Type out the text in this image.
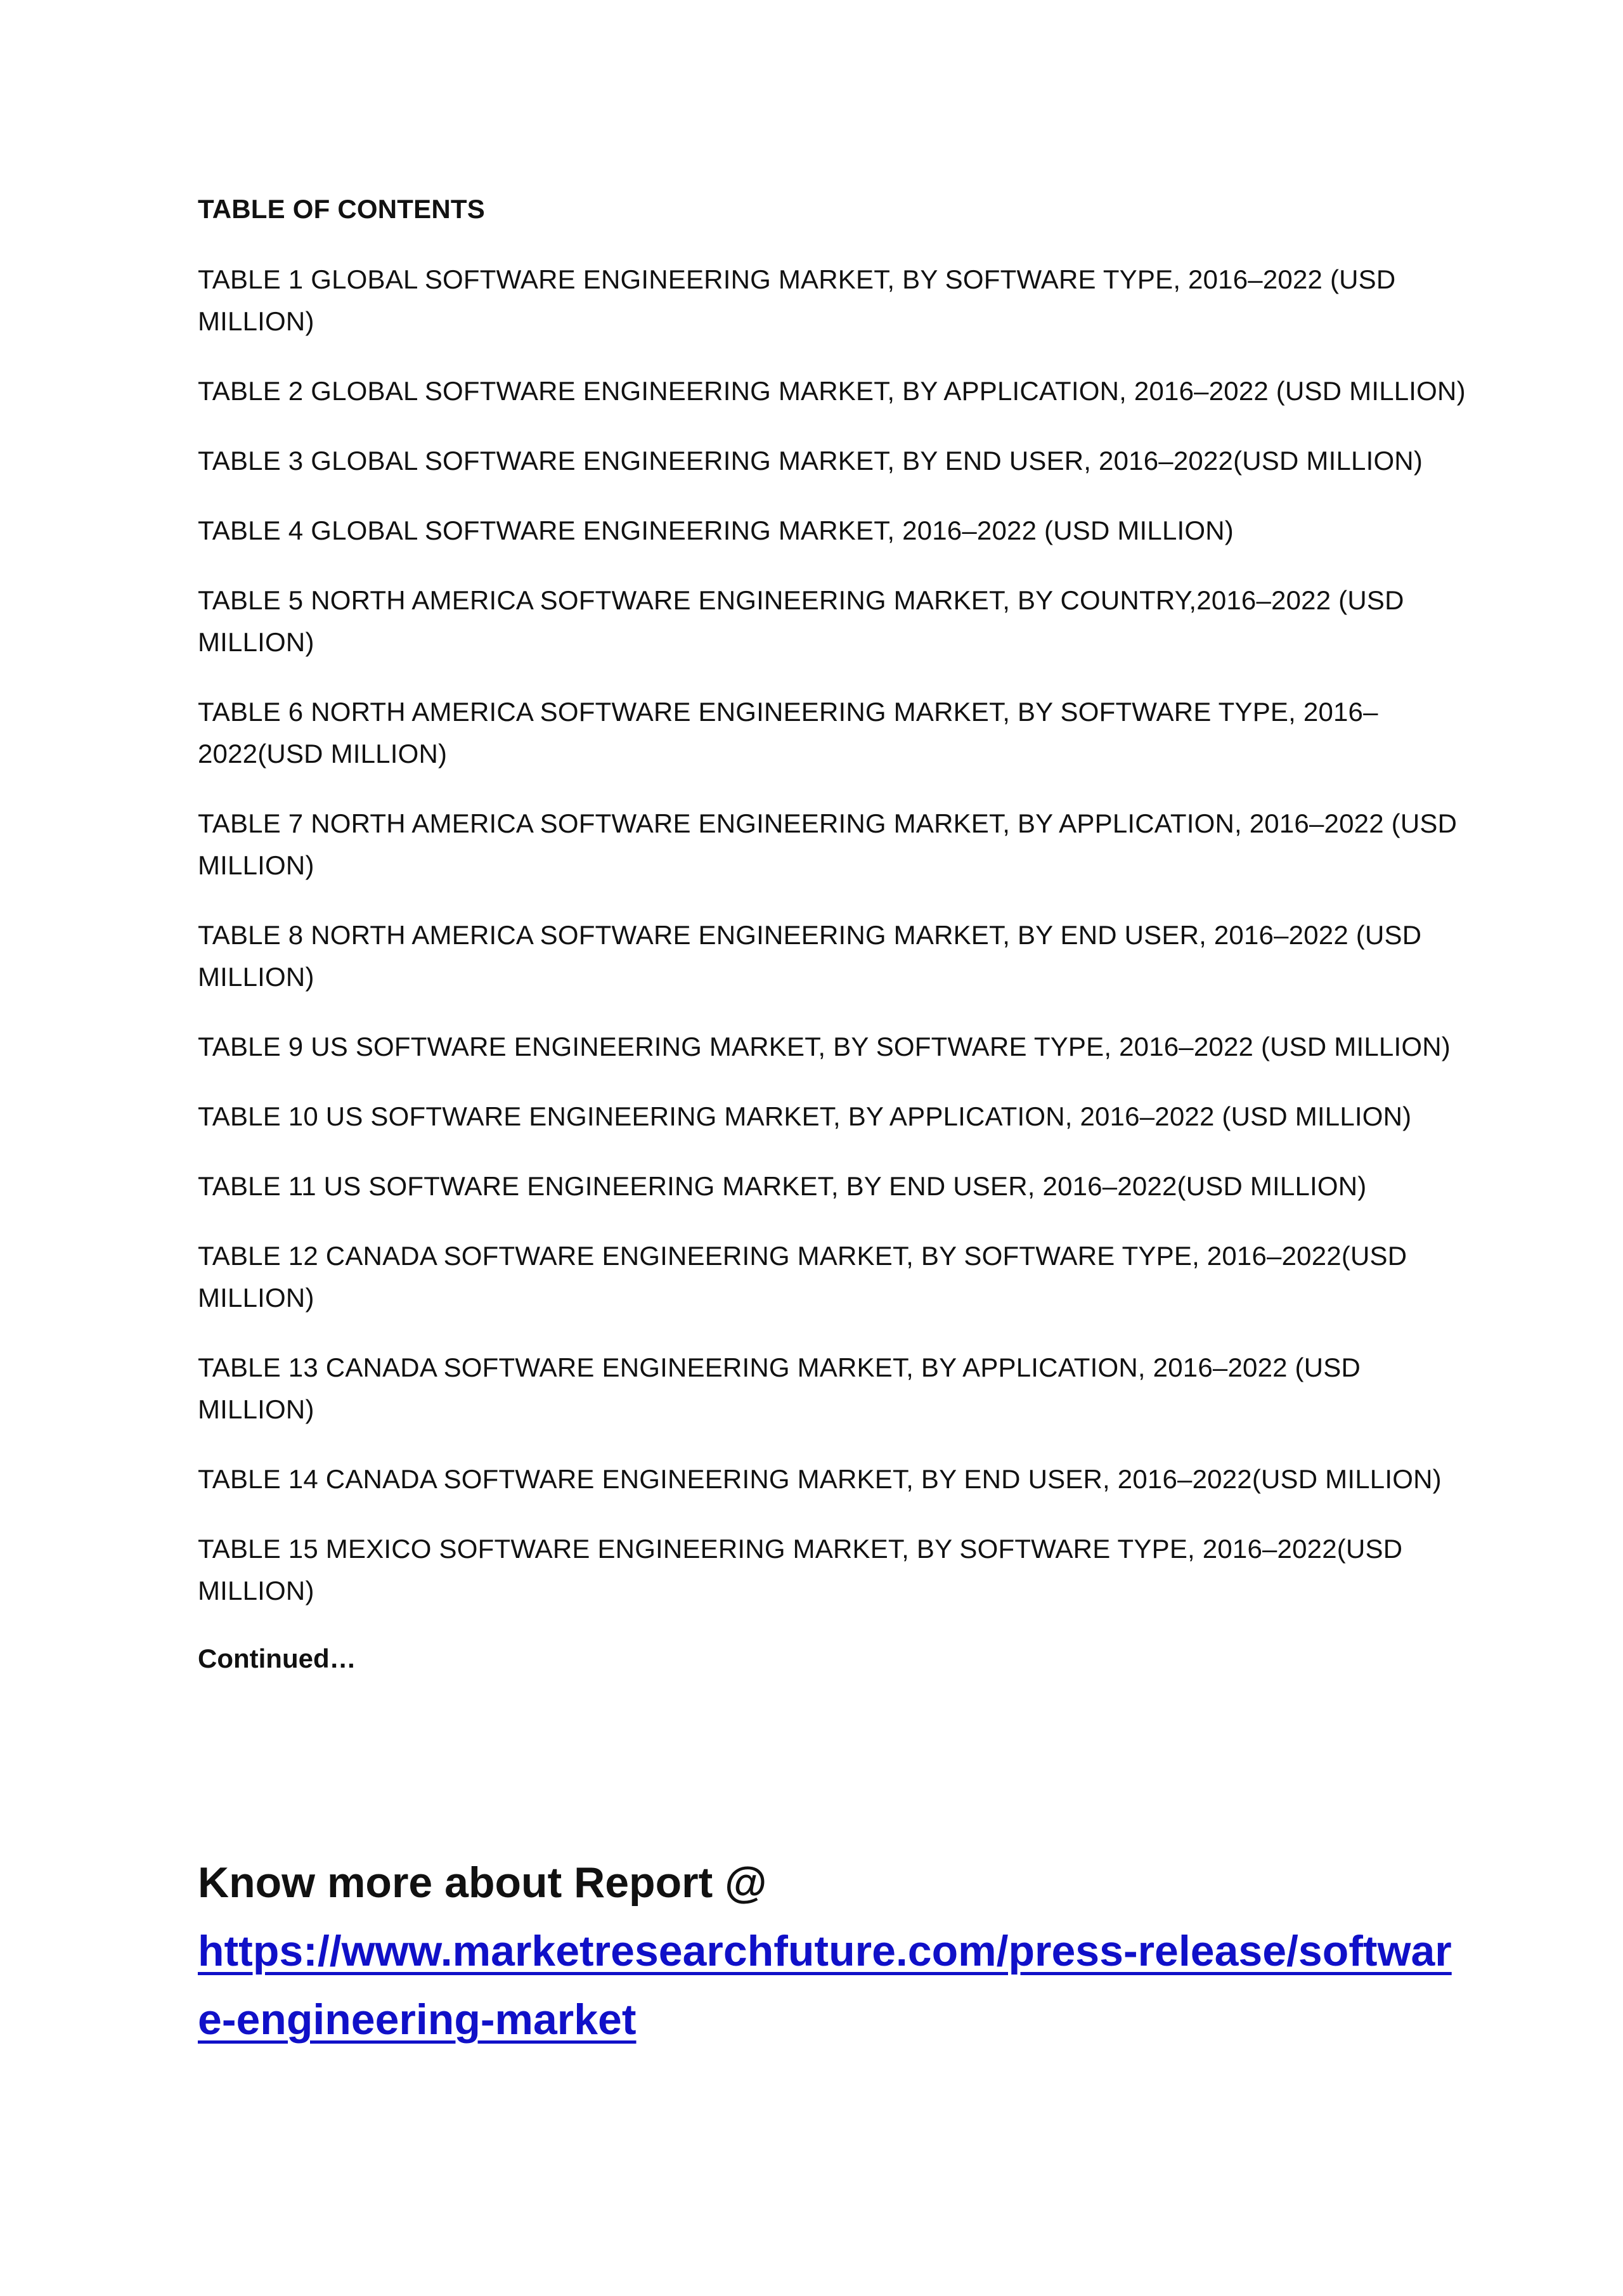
TABLE OF CONTENTS
TABLE 1 GLOBAL SOFTWARE ENGINEERING MARKET, BY SOFTWARE TYPE, 2016–2022 (USD MILLION)
TABLE 2 GLOBAL SOFTWARE ENGINEERING MARKET, BY APPLICATION, 2016–2022 (USD MILLION)
TABLE 3 GLOBAL SOFTWARE ENGINEERING MARKET, BY END USER, 2016–2022(USD MILLION)
TABLE 4 GLOBAL SOFTWARE ENGINEERING MARKET, 2016–2022 (USD MILLION)
TABLE 5 NORTH AMERICA SOFTWARE ENGINEERING MARKET, BY COUNTRY,2016–2022 (USD MILLION)
TABLE 6 NORTH AMERICA SOFTWARE ENGINEERING MARKET, BY SOFTWARE TYPE, 2016–2022(USD MILLION)
TABLE 7 NORTH AMERICA SOFTWARE ENGINEERING MARKET, BY APPLICATION, 2016–2022 (USD MILLION)
TABLE 8 NORTH AMERICA SOFTWARE ENGINEERING MARKET, BY END USER, 2016–2022 (USD MILLION)
TABLE 9 US SOFTWARE ENGINEERING MARKET, BY SOFTWARE TYPE, 2016–2022 (USD MILLION)
TABLE 10 US SOFTWARE ENGINEERING MARKET, BY APPLICATION, 2016–2022 (USD MILLION)
TABLE 11 US SOFTWARE ENGINEERING MARKET, BY END USER, 2016–2022(USD MILLION)
TABLE 12 CANADA SOFTWARE ENGINEERING MARKET, BY SOFTWARE TYPE, 2016–2022(USD MILLION)
TABLE 13 CANADA SOFTWARE ENGINEERING MARKET, BY APPLICATION, 2016–2022 (USD MILLION)
TABLE 14 CANADA SOFTWARE ENGINEERING MARKET, BY END USER, 2016–2022(USD MILLION)
TABLE 15 MEXICO SOFTWARE ENGINEERING MARKET, BY SOFTWARE TYPE, 2016–2022(USD MILLION)
Continued…
Know more about Report @
https://www.marketresearchfuture.com/press-release/software-engineering-market
